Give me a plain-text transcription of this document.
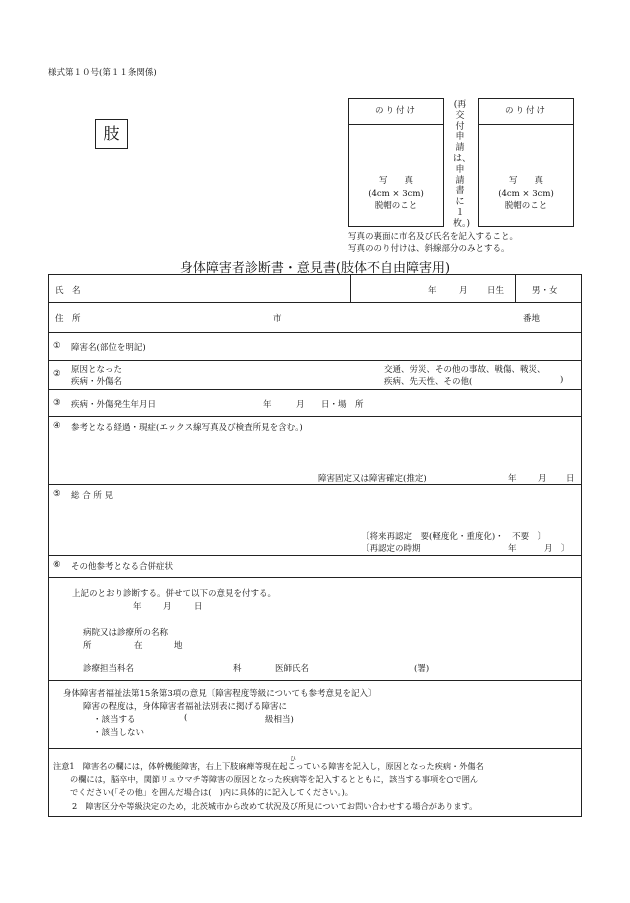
様式第１０号(第１１条関係)
肢
のり付け
写　　真
(4cm × 3cm)
脱帽のこと
(再交付申請は、申請書に１枚。)
のり付け
写　　真
(4cm × 3cm)
脱帽のこと
写真の裏面に市名及び氏名を記入すること。
写真ののり付けは、斜線部分のみとする。
身体障害者診断書・意見書(肢体不自由障害用)
氏　名	年	月 日生	男・女
住　所	市	番地
① 障害名(部位を明記)
② 原因となった
疾病・外傷名
交通、労災、その他の事故、戦傷、戦災、
疾病、先天性、その他(	)
③ 疾病・外傷発生年月日	年	月 日・場　所
④ 参考となる経過・現症(エックス線写真及び検査所見を含む。)
障害固定又は障害確定(推定)	年	月 日
⑤ 総 合 所 見
〔将来再認定　要(軽度化・重度化)・　不要　〕
〔再認定の時期	年	月　〕
⑥ その他参考となる合併症状
上記のとおり診断する。併せて以下の意見を付する。
年	月	日
病院又は診療所の名称
所	在	地
診療担当科名	科	医師氏名	(署)
身体障害者福祉法第15条第3項の意見〔障害程度等級についても参考意見を記入〕
障害の程度は，身体障害者福祉法別表に掲げる障害に
・該当する	(	級相当)
・該当しない
ひ
注意1　障害名の欄には，体幹機能障害，右上下肢麻痺等現在起こっている障害を記入し，原因となった疾病・外傷名
の欄には，脳卒中，関節リュウマチ等障害の原因となった疾病等を記入するとともに，該当する事項を○で囲ん
でください(「その他」を囲んだ場合は(　)内に具体的に記入してください。)。
2　障害区分や等級決定のため，北茨城市から改めて状況及び所見についてお問い合わせする場合があります。
